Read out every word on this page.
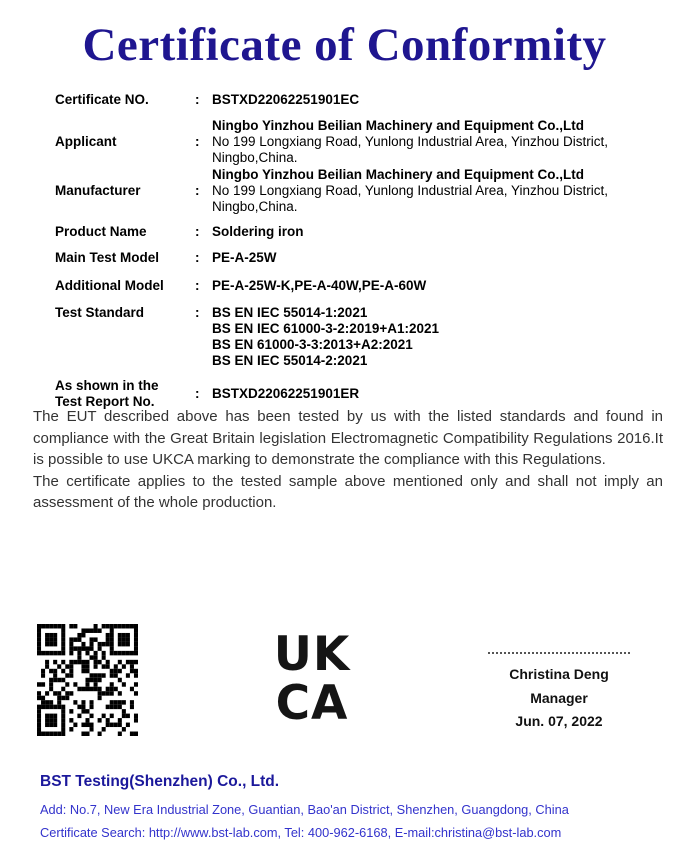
Certificate of Conformity
Certificate NO.	: BSTXD22062251901EC
Applicant	:
Ningbo Yinzhou Beilian Machinery and Equipment Co.,Ltd
No 199 Longxiang Road, Yunlong Industrial Area, Yinzhou District,
Ningbo,China.
Manufacturer	:
Ningbo Yinzhou Beilian Machinery and Equipment Co.,Ltd
No 199 Longxiang Road, Yunlong Industrial Area, Yinzhou District,
Ningbo,China.
Product Name	: Soldering iron
Main Test Model	: PE-A-25W
Additional Model	: PE-A-25W-K,PE-A-40W,PE-A-60W
Test Standard	: BS EN IEC 55014-1:2021
BS EN IEC 61000-3-2:2019+A1:2021
BS EN 61000-3-3:2013+A2:2021
BS EN IEC 55014-2:2021
As shown in the
Test Report No.
: BSTXD22062251901ER
The EUT described above has been tested by us with the listed standards and found in compliance with the Great Britain legislation Electromagnetic Compatibility Regulations 2016.It is possible to use UKCA marking to demonstrate the compliance with this Regulations.
The certificate applies to the tested sample above mentioned only and shall not imply an assessment of the whole production.
UK
CA
Christina Deng
Manager
Jun. 07, 2022
BST Testing(Shenzhen) Co., Ltd.
Add: No.7, New Era Industrial Zone, Guantian, Bao'an District, Shenzhen, Guangdong, China
Certificate Search: http://www.bst-lab.com, Tel: 400-962-6168, E-mail:christina@bst-lab.com
